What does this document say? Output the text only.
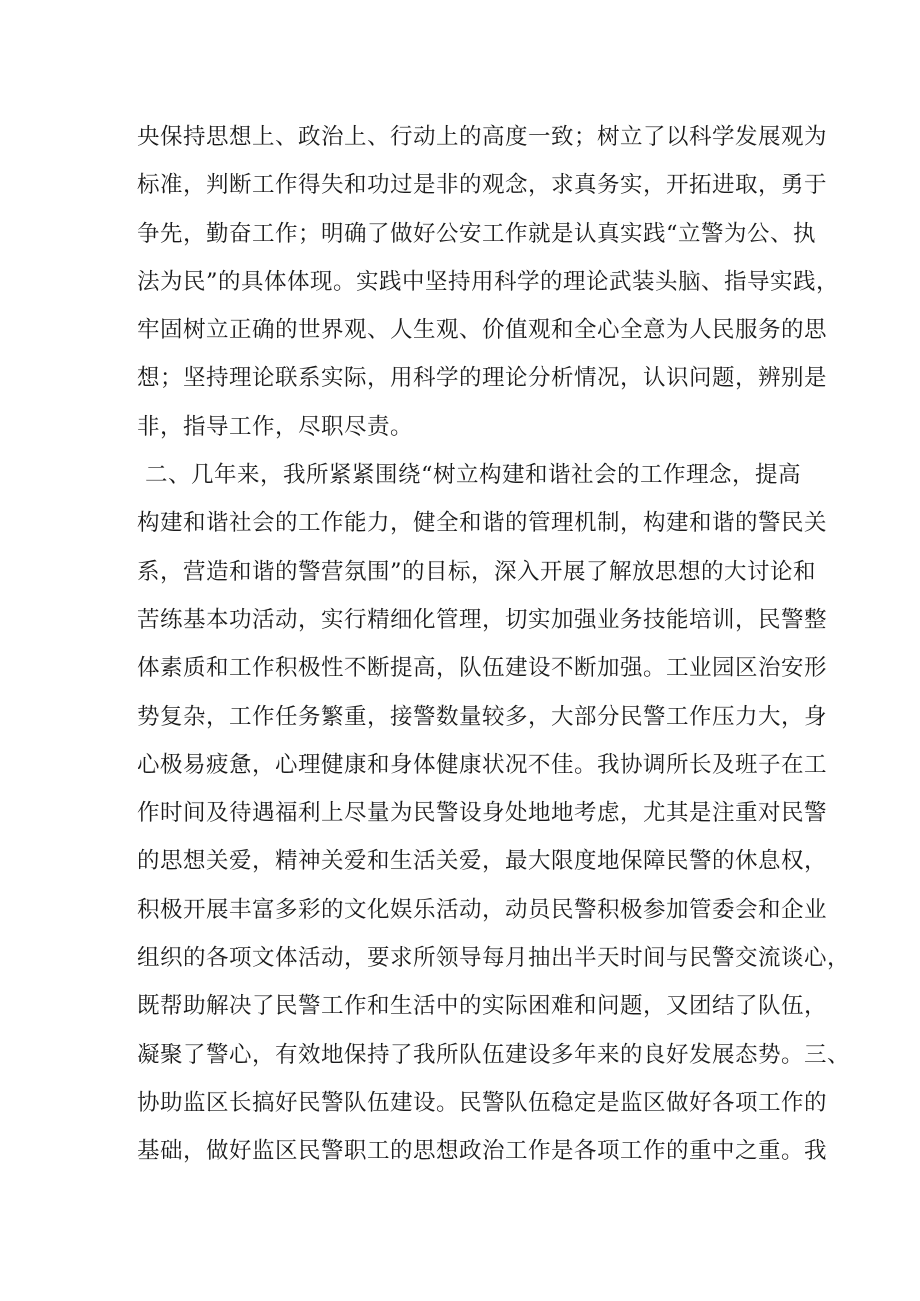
央保持思想上、政治上、行动上的高度一致；树立了以科学发展观为
标准，判断工作得失和功过是非的观念，求真务实，开拓进取，勇于
争先，勤奋工作；明确了做好公安工作就是认真实践“立警为公、执
法为民”的具体体现。实践中坚持用科学的理论武装头脑、指导实践，
牢固树立正确的世界观、人生观、价值观和全心全意为人民服务的思
想；坚持理论联系实际，用科学的理论分析情况，认识问题，辨别是
非，指导工作，尽职尽责。
二、几年来，我所紧紧围绕“树立构建和谐社会的工作理念，提高
构建和谐社会的工作能力，健全和谐的管理机制，构建和谐的警民关
系，营造和谐的警营氛围”的目标，深入开展了解放思想的大讨论和
苦练基本功活动，实行精细化管理，切实加强业务技能培训，民警整
体素质和工作积极性不断提高，队伍建设不断加强。工业园区治安形
势复杂，工作任务繁重，接警数量较多，大部分民警工作压力大，身
心极易疲惫，心理健康和身体健康状况不佳。我协调所长及班子在工
作时间及待遇福利上尽量为民警设身处地地考虑，尤其是注重对民警
的思想关爱，精神关爱和生活关爱，最大限度地保障民警的休息权，
积极开展丰富多彩的文化娱乐活动，动员民警积极参加管委会和企业
组织的各项文体活动，要求所领导每月抽出半天时间与民警交流谈心，
既帮助解决了民警工作和生活中的实际困难和问题，又团结了队伍，
凝聚了警心，有效地保持了我所队伍建设多年来的良好发展态势。三、
协助监区长搞好民警队伍建设。民警队伍稳定是监区做好各项工作的
基础，做好监区民警职工的思想政治工作是各项工作的重中之重。我
